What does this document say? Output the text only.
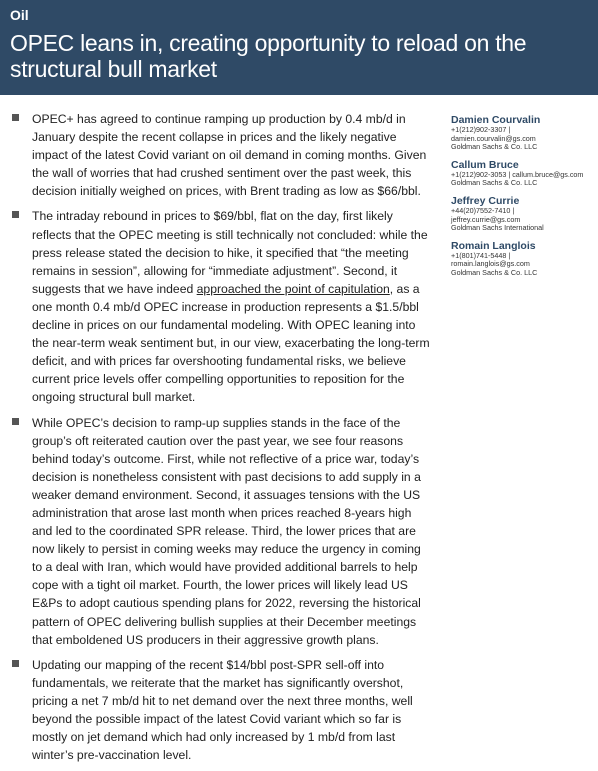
Oil
OPEC leans in, creating opportunity to reload on the structural bull market
OPEC+ has agreed to continue ramping up production by 0.4 mb/d in January despite the recent collapse in prices and the likely negative impact of the latest Covid variant on oil demand in coming months. Given the wall of worries that had crushed sentiment over the past week, this decision initially weighed on prices, with Brent trading as low as $66/bbl.
The intraday rebound in prices to $69/bbl, flat on the day, first likely reflects that the OPEC meeting is still technically not concluded: while the press release stated the decision to hike, it specified that “the meeting remains in session”, allowing for “immediate adjustment”. Second, it suggests that we have indeed approached the point of capitulation, as a one month 0.4 mb/d OPEC increase in production represents a $1.5/bbl decline in prices on our fundamental modeling. With OPEC leaning into the near-term weak sentiment but, in our view, exacerbating the long-term deficit, and with prices far overshooting fundamental risks, we believe current price levels offer compelling opportunities to reposition for the ongoing structural bull market.
While OPEC’s decision to ramp-up supplies stands in the face of the group’s oft reiterated caution over the past year, we see four reasons behind today’s outcome. First, while not reflective of a price war, today’s decision is nonetheless consistent with past decisions to add supply in a weaker demand environment. Second, it assuages tensions with the US administration that arose last month when prices reached 8-years high and led to the coordinated SPR release. Third, the lower prices that are now likely to persist in coming weeks may reduce the urgency in coming to a deal with Iran, which would have provided additional barrels to help cope with a tight oil market. Fourth, the lower prices will likely lead US E&Ps to adopt cautious spending plans for 2022, reversing the historical pattern of OPEC delivering bullish supplies at their December meetings that emboldened US producers in their aggressive growth plans.
Updating our mapping of the recent $14/bbl post-SPR sell-off into fundamentals, we reiterate that the market has significantly overshot, pricing a net 7 mb/d hit to net demand over the next three months, well beyond the possible impact of the latest Covid variant which so far is mostly on jet demand which had only increased by 1 mb/d from last winter’s pre-vaccination level.
Damien Courvalin
+1(212)902-3307 |
damien.courvalin@gs.com
Goldman Sachs & Co. LLC
Callum Bruce
+1(212)902-3053 | callum.bruce@gs.com
Goldman Sachs & Co. LLC
Jeffrey Currie
+44(20)7552-7410 |
jeffrey.currie@gs.com
Goldman Sachs International
Romain Langlois
+1(801)741-5448 |
romain.langlois@gs.com
Goldman Sachs & Co. LLC
